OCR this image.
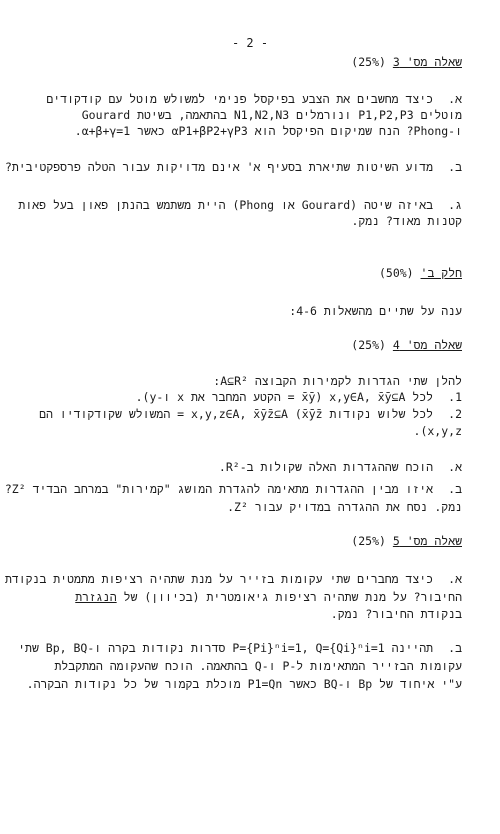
- 2 -
שאלה מס' 3 (25%)
א. כיצד מחשבים את הצבע בפיקסל פנימי למשולש מוטל עם קודקודים
מוטלים P1,P2,P3 ונורמלים N1,N2,N3 בהתאמה, בשיטת Gourard
ו-Phong? הנח שמיקום הפיקסל הוא αP1+βP2+γP3 כאשר α+β+γ=1.
ב. מדוע השיטות שתיארת בסעיף א' אינם מדויקות עבור הטלה פרספקטיבית?
ג. באיזה שיטה (Gourard או Phong) היית משתמש בהנתן פאון בעל פאות
קטנות מאוד? נמק.
חלק ב' (50%)
ענה על שתיים מהשאלות 4-6:
שאלה מס' 4 (25%)
להלן שתי הגדרות לקמירות הקבוצה A⊆R²:
1. לכל x,y∈A, x̄ȳ⊆A (x̄ȳ = הקטע המחבר את x ו-y).
2. לכל שלוש נקודות x,y,z∈A, x̄ȳz̄⊆A (x̄ȳz̄ = המשולש שקודקודיו הם
x,y,z).
א. הוכח שההגדרות האלה שקולות ב-R².
ב. איזו מבין ההגדרות מתאימה להגדרת המושג "קמירות" במרחב הבדיד Z²?
נמק. נסח את ההגדרה במדויק עבור Z².
שאלה מס' 5 (25%)
א. כיצד מחברים שתי עקומות בזייר על מנת שתהיה רציפות מתמטית בנקודת
החיבור? על מנת שתהיה רציפות גיאומטרית (בכיוון) של הנגזרת
בנקודת החיבור? נמק.
ב. תהיינה P={Pi}ⁿi=1, Q={Qi}ⁿi=1 סדרות נקודות בקרה ו-Bp, BQ שתי
עקומות הבזייר המתאימות ל-P ו-Q בהתאמה. הוכח שהעקומה המתקבלת
ע"י איחוד של Bp ו-BQ כאשר P1=Qn מוכלת בקמור של כל נקודות הבקרה.
